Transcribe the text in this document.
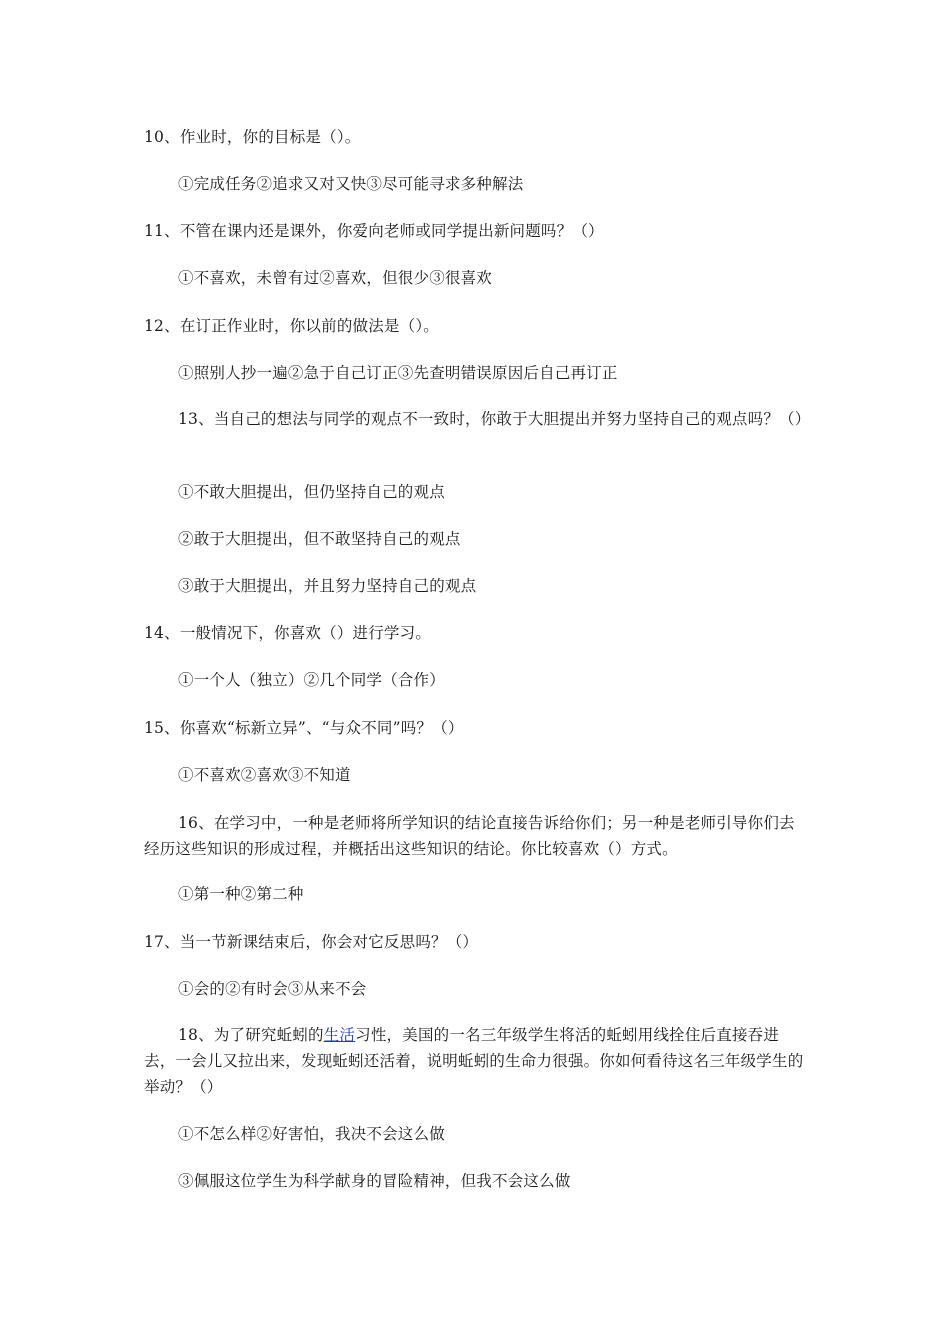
10、作业时，你的目标是（）。
①完成任务②追求又对又快③尽可能寻求多种解法
11、不管在课内还是课外，你爱向老师或同学提出新问题吗？（）
①不喜欢，未曾有过②喜欢，但很少③很喜欢
12、在订正作业时，你以前的做法是（）。
①照别人抄一遍②急于自己订正③先查明错误原因后自己再订正
13、当自己的想法与同学的观点不一致时，你敢于大胆提出并努力坚持自己的观点吗？（）
①不敢大胆提出，但仍坚持自己的观点
②敢于大胆提出，但不敢坚持自己的观点
③敢于大胆提出，并且努力坚持自己的观点
14、一般情况下，你喜欢（）进行学习。
①一个人（独立）②几个同学（合作）
15、你喜欢“标新立异”、“与众不同”吗？（）
①不喜欢②喜欢③不知道
16、在学习中，一种是老师将所学知识的结论直接告诉给你们；另一种是老师引导你们去经历这些知识的形成过程，并概括出这些知识的结论。你比较喜欢（）方式。
①第一种②第二种
17、当一节新课结束后，你会对它反思吗？（）
①会的②有时会③从来不会
18、为了研究蚯蚓的生活习性，美国的一名三年级学生将活的蚯蚓用线拴住后直接吞进去，一会儿又拉出来，发现蚯蚓还活着，说明蚯蚓的生命力很强。你如何看待这名三年级学生的举动？（）
①不怎么样②好害怕，我决不会这么做
③佩服这位学生为科学献身的冒险精神，但我不会这么做
